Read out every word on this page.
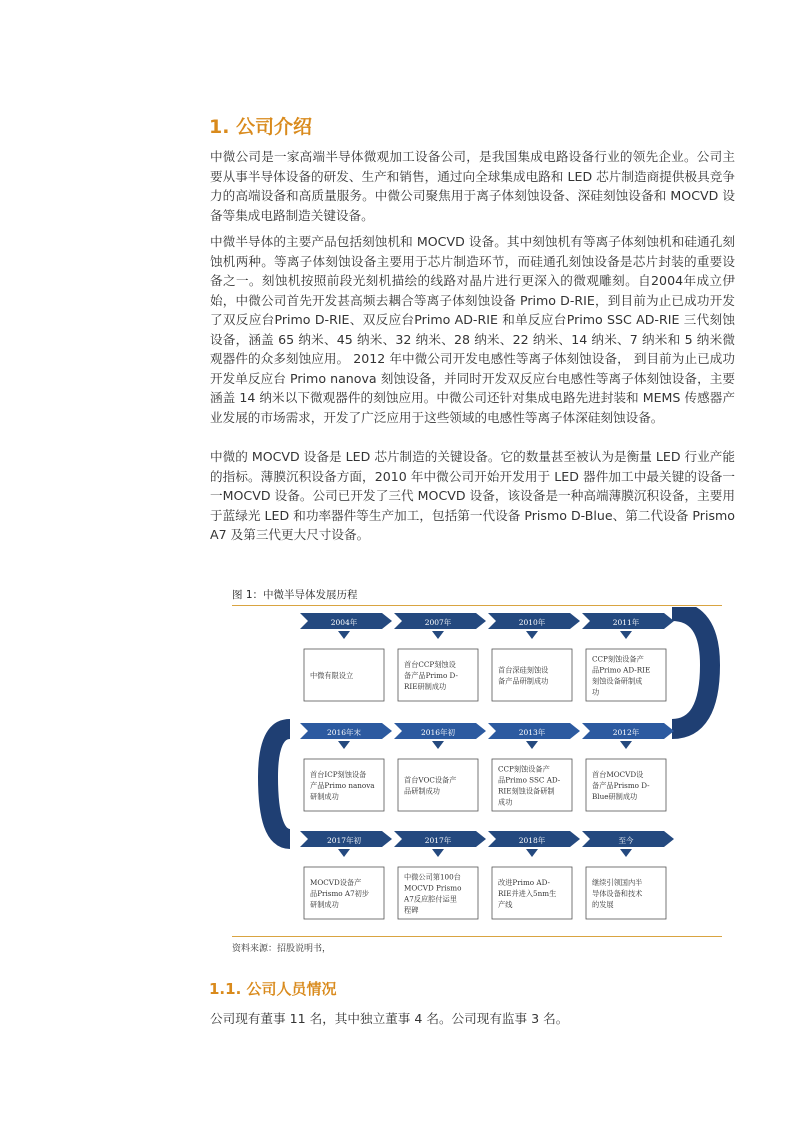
1. 公司介绍

中微公司是一家高端半导体微观加工设备公司，是我国集成电路设备行业的领先企业。公司主要从事半导体设备的研发、生产和销售，通过向全球集成电路和 LED 芯片制造商提供极具竞争力的高端设备和高质量服务。中微公司聚焦用于离子体刻蚀设备、深硅刻蚀设备和 MOCVD 设备等集成电路制造关键设备。

中微半导体的主要产品包括刻蚀机和 MOCVD 设备。其中刻蚀机有等离子体刻蚀机和硅通孔刻蚀机两种。等离子体刻蚀设备主要用于芯片制造环节，而硅通孔刻蚀设备是芯片封装的重要设备之一。刻蚀机按照前段光刻机描绘的线路对晶片进行更深入的微观雕刻。自2004年成立伊始，中微公司首先开发甚高频去耦合等离子体刻蚀设备 Primo D-RIE，到目前为止已成功开发了双反应台Primo D-RIE、双反应台Primo AD-RIE 和单反应台Primo SSC AD-RIE 三代刻蚀设备，涵盖 65 纳米、45 纳米、32 纳米、28 纳米、22 纳米、14 纳米、7 纳米和 5 纳米微观器件的众多刻蚀应用。 2012 年中微公司开发电感性等离子体刻蚀设备， 到目前为止已成功开发单反应台 Primo nanova 刻蚀设备，并同时开发双反应台电感性等离子体刻蚀设备，主要涵盖 14 纳米以下微观器件的刻蚀应用。中微公司还针对集成电路先进封装和 MEMS 传感器产业发展的市场需求，开发了广泛应用于这些领域的电感性等离子体深硅刻蚀设备。

中微的 MOCVD 设备是 LED 芯片制造的关键设备。它的数量甚至被认为是衡量 LED 行业产能的指标。薄膜沉积设备方面，2010 年中微公司开始开发用于 LED 器件加工中最关键的设备一一MOCVD 设备。公司已开发了三代 MOCVD 设备，该设备是一种高端薄膜沉积设备，主要用于蓝绿光 LED 和功率器件等生产加工，包括第一代设备 Prismo D-Blue、第二代设备 Prismo A7 及第三代更大尺寸设备。

图 1：中微半导体发展历程
2004年
中微有限设立
2007年
首台CCP刻蚀设
备产品Primo D-
RIE研制成功
2010年
首台深硅刻蚀设
备产品研制成功
2011年
CCP刻蚀设备产
品Primo AD-RIE
刻蚀设备研制成
功
2016年末
首台ICP刻蚀设备
产品Primo nanova
研制成功
2016年初
首台VOC设备产
品研制成功
2013年
CCP刻蚀设备产
品Primo SSC AD-
RIE刻蚀设备研制
成功
2012年
首台MOCVD设
备产品Prismo D-
Blue研制成功
2017年初
MOCVD设备产
品Prismo A7初步
研制成功
2017年
中微公司第100台
MOCVD Prismo
A7反应腔付运里
程碑
2018年
改进Primo AD-
RIE并进入5nm生
产线
至今
继续引领国内半
导体设备和技术
的发展
资料来源：招股说明书，
1.1. 公司人员情况
公司现有董事 11 名，其中独立董事 4 名。公司现有监事 3 名。
